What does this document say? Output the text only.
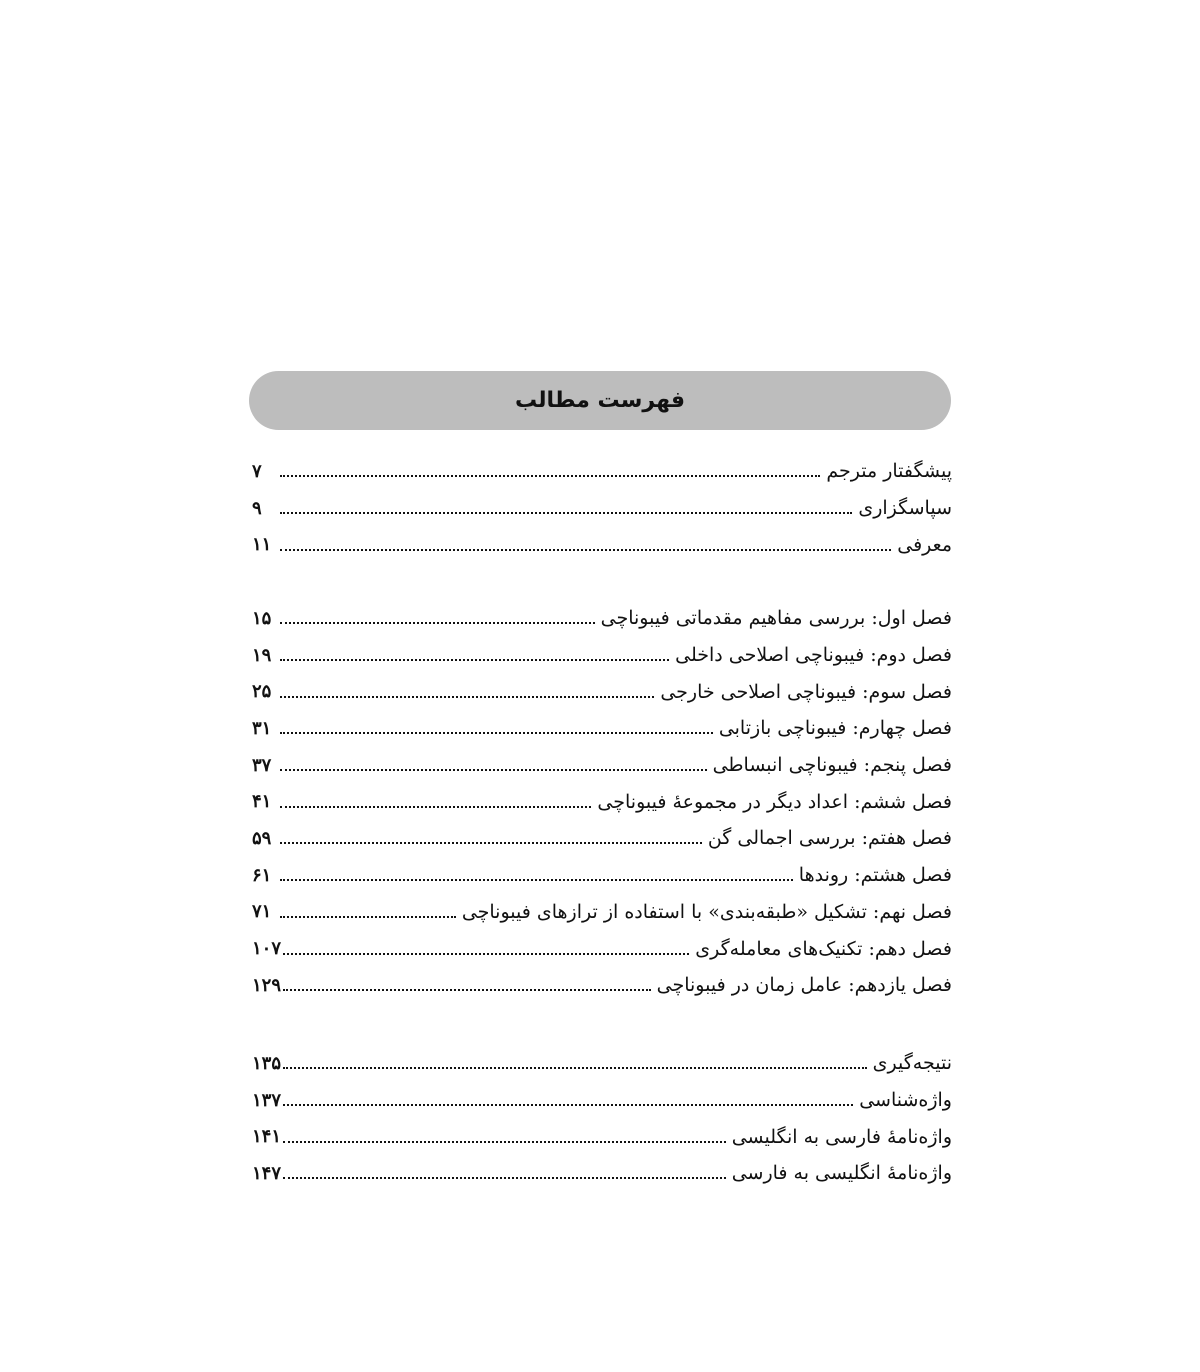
فهرست مطالب
پیشگفتار مترجم
۷
سپاسگزاری
۹
معرفی
۱۱
فصل اول: بررسی مفاهیم مقدماتی فیبوناچی
۱۵
فصل دوم: فیبوناچی اصلاحی داخلی
۱۹
فصل سوم: فیبوناچی اصلاحی خارجی
۲۵
فصل چهارم: فیبوناچی بازتابی
۳۱
فصل پنجم: فیبوناچی انبساطی
۳۷
فصل ششم: اعداد دیگر در مجموعهٔ فیبوناچی
۴۱
فصل هفتم: بررسی اجمالی گن
۵۹
فصل هشتم: روندها
۶۱
فصل نهم: تشکیل «طبقه‌بندی» با استفاده از ترازهای فیبوناچی
۷۱
فصل دهم: تکنیک‌های معامله‌گری
۱۰۷
فصل یازدهم: عامل زمان در فیبوناچی
۱۲۹
نتیجه‌گیری
۱۳۵
واژه‌شناسی
۱۳۷
واژه‌نامهٔ فارسی به انگلیسی
۱۴۱
واژه‌نامهٔ انگلیسی به فارسی
۱۴۷
